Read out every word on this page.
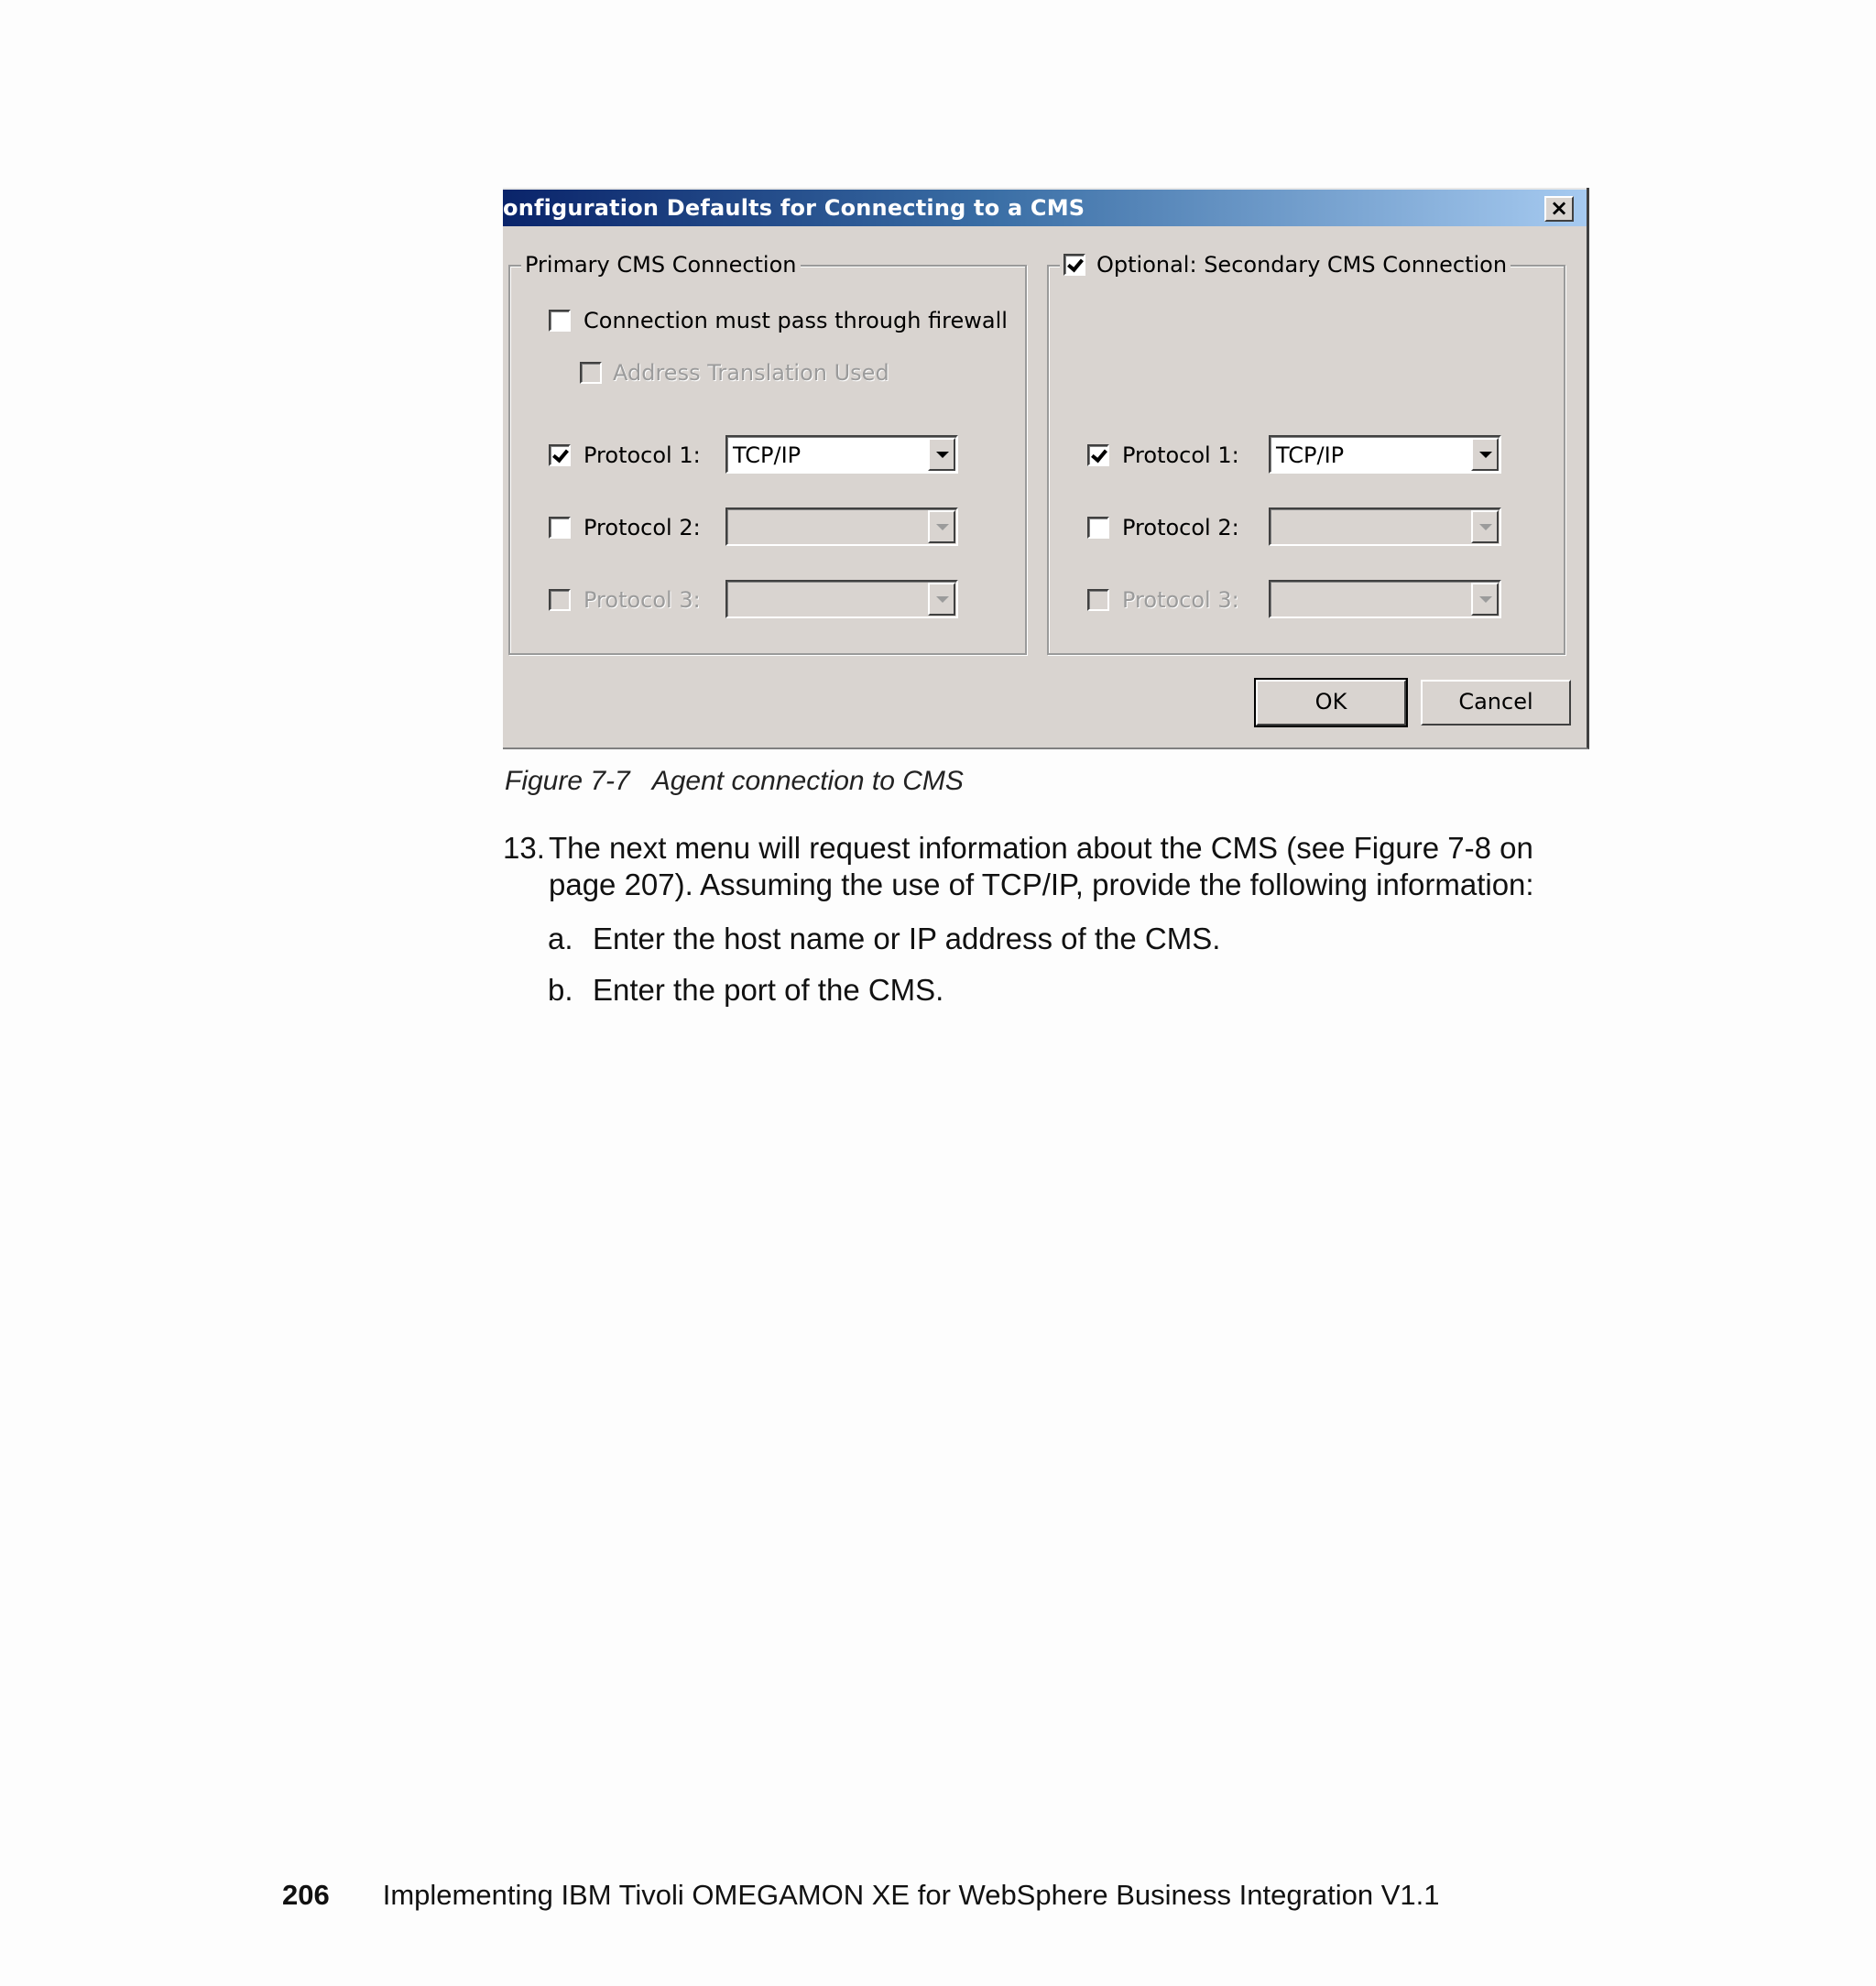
onfiguration Defaults for Connecting to a CMS	×
Primary CMS Connection
Connection must pass through firewall
Address Translation Used
Protocol 1: TCP/IP
Protocol 2:
Protocol 3:
Optional: Secondary CMS Connection
Protocol 1: TCP/IP
Protocol 2:
Protocol 3:
OK	Cancel
Figure 7-7 Agent connection to CMS
13. The next menu will request information about the CMS (see Figure 7-8 on page 207). Assuming the use of TCP/IP, provide the following information:
a. Enter the host name or IP address of the CMS.
b. Enter the port of the CMS.
206 Implementing IBM Tivoli OMEGAMON XE for WebSphere Business Integration V1.1
